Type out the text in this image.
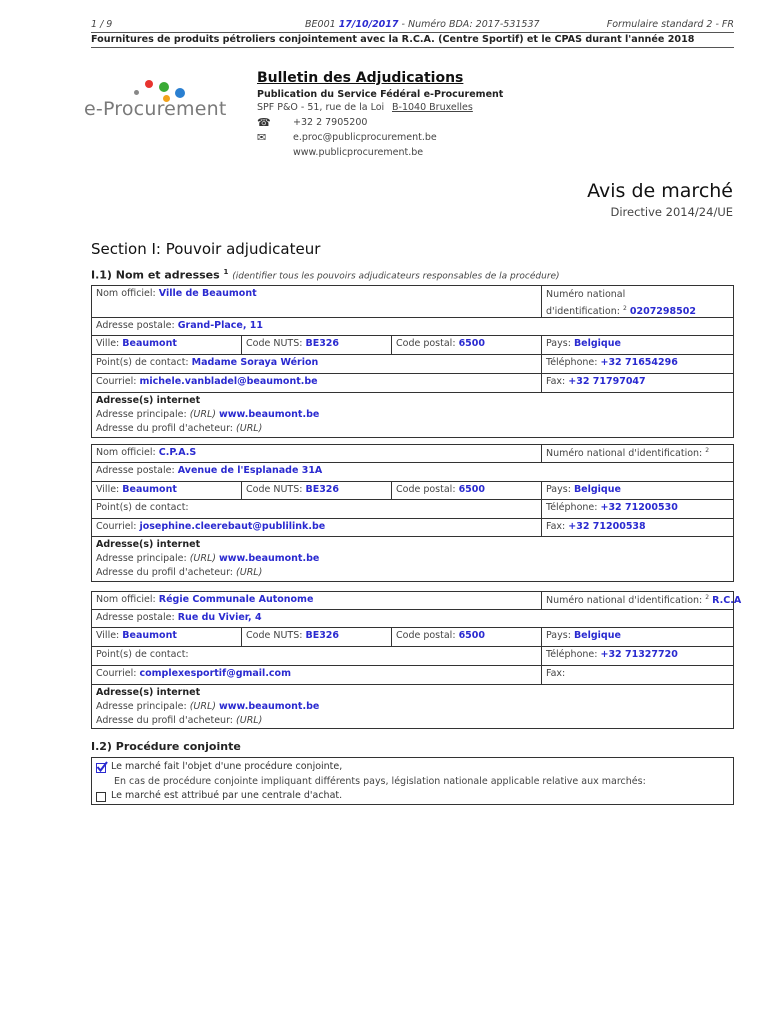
1 / 9	BE001 17/10/2017 - Numéro BDA: 2017-531537	Formulaire standard 2 - FR
Fournitures de produits pétroliers conjointement avec la R.C.A. (Centre Sportif) et le CPAS durant l'année 2018
e-Procurement
Bulletin des Adjudications
Publication du Service Fédéral e-Procurement
SPF P&O - 51, rue de la Loi B-1040 Bruxelles
☎ +32 2 7905200
✉	e.proc@publicprocurement.be
www.publicprocurement.be
Avis de marché
Directive 2014/24/UE
Section I: Pouvoir adjudicateur
I.1) Nom et adresses $^1$ (identifier tous les pouvoirs adjudicateurs responsables de la procédure)
Nom officiel: Ville de Beaumont	Numéro national
d'identification: $^2$ 0207298502
Adresse postale: Grand-Place, 11
Ville: Beaumont	Code NUTS: BE326	Code postal: 6500	Pays: Belgique
Point(s) de contact: Madame Soraya Wérion	Téléphone: +32 71654296
Courriel: michele.vanbladel@beaumont.be	Fax: +32 71797047
Adresse(s) internet
Adresse principale: (URL) www.beaumont.be
Adresse du profil d'acheteur: (URL)
Nom officiel: C.P.A.S	Numéro national d'identification: $^2$
Adresse postale: Avenue de l'Esplanade 31A
Ville: Beaumont	Code NUTS: BE326	Code postal: 6500	Pays: Belgique
Point(s) de contact:	Téléphone: +32 71200530
Courriel: josephine.cleerebaut@publilink.be	Fax: +32 71200538
Adresse(s) internet
Adresse principale: (URL) www.beaumont.be
Adresse du profil d'acheteur: (URL)
Nom officiel: Régie Communale Autonome	Numéro national d'identification: $^2$ R.C.A
Adresse postale: Rue du Vivier, 4
Ville: Beaumont	Code NUTS: BE326	Code postal: 6500	Pays: Belgique
Point(s) de contact:	Téléphone: +32 71327720
Courriel: complexesportif@gmail.com	Fax:
Adresse(s) internet
Adresse principale: (URL) www.beaumont.be
Adresse du profil d'acheteur: (URL)
I.2) Procédure conjointe
Le marché fait l'objet d'une procédure conjointe,
En cas de procédure conjointe impliquant différents pays, législation nationale applicable relative aux marchés:
Le marché est attribué par une centrale d'achat.
